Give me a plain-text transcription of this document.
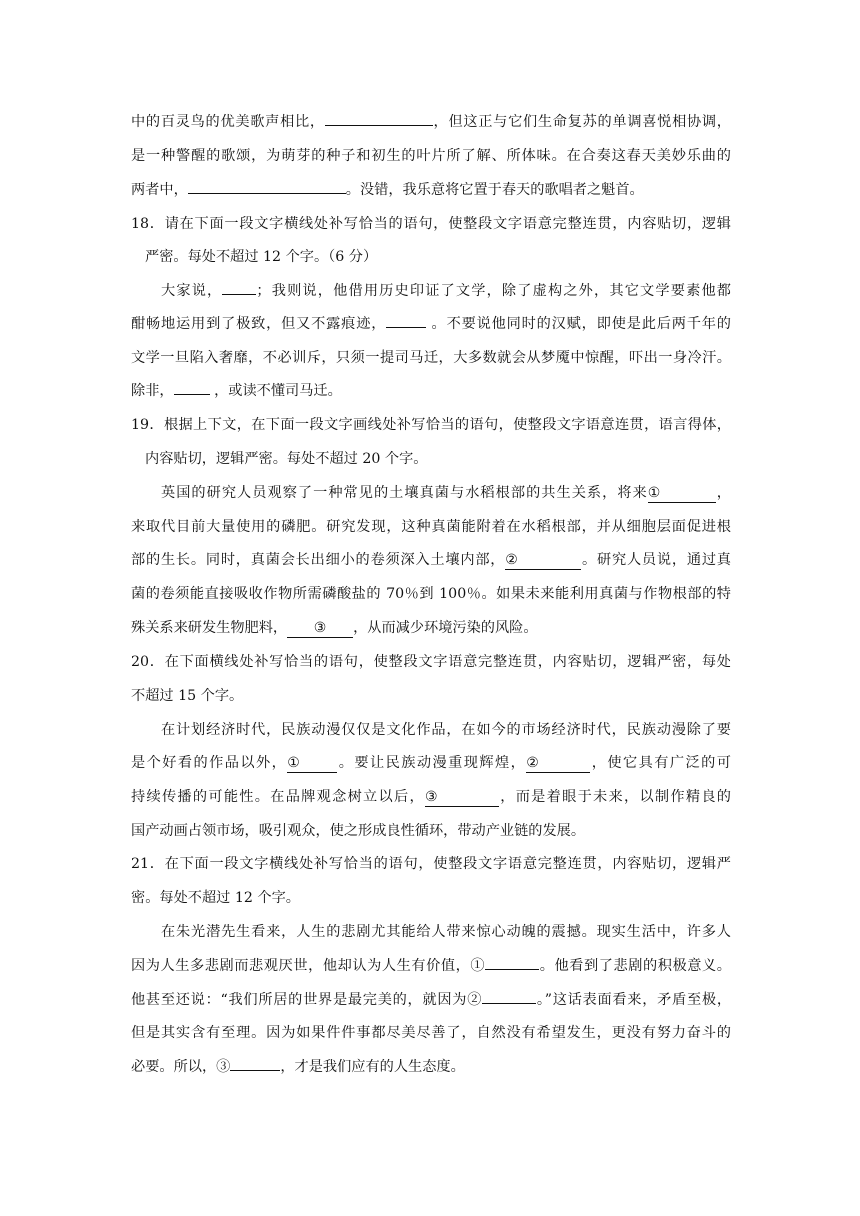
中的百灵鸟的优美歌声相比，	，但这正与它们生命复苏的单调喜悦相协调，
是一种警醒的歌颂，为萌芽的种子和初生的叶片所了解、所体味。在合奏这春天美妙乐曲的
两者中，	。没错，我乐意将它置于春天的歌唱者之魁首。
18．请在下面一段文字横线处补写恰当的语句，使整段文字语意完整连贯，内容贴切，逻辑
严密。每处不超过 12 个字。（6 分）
大家说， ；我则说，他借用历史印证了文学，除了虚构之外，其它文学要素他都
酣畅地运用到了极致，但又不露痕迹，	。不要说他同时的汉赋，即使是此后两千年的
文学一旦陷入奢靡，不必训斥，只须一提司马迁，大多数就会从梦魇中惊醒，吓出一身冷汗。
除非，	，或读不懂司马迁。
19．根据上下文，在下面一段文字画线处补写恰当的语句，使整段文字语意连贯，语言得体，
内容贴切，逻辑严密。每处不超过 20 个字。
英国的研究人员观察了一种常见的土壤真菌与水稻根部的共生关系，将来①	，
来取代目前大量使用的磷肥。研究发现，这种真菌能附着在水稻根部，并从细胞层面促进根
部的生长。同时，真菌会长出细小的卷须深入土壤内部，②	。研究人员说，通过真
菌的卷须能直接吸收作物所需磷酸盐的 70％到 100％。如果未来能利用真菌与作物根部的特
殊关系来研发生物肥料， ③ ，从而减少环境污染的风险。
20．在下面横线处补写恰当的语句，使整段文字语意完整连贯，内容贴切，逻辑严密，每处
不超过 15 个字。
在计划经济时代，民族动漫仅仅是文化作品，在如今的市场经济时代，民族动漫除了要
是个好看的作品以外，①	。要让民族动漫重现辉煌，②	，使它具有广泛的可
持续传播的可能性。在品牌观念树立以后，③	，而是着眼于未来，以制作精良的
国产动画占领市场，吸引观众，使之形成良性循环，带动产业链的发展。
21．在下面一段文字横线处补写恰当的语句，使整段文字语意完整连贯，内容贴切，逻辑严
密。每处不超过 12 个字。
在朱光潜先生看来，人生的悲剧尤其能给人带来惊心动魄的震撼。现实生活中，许多人
因为人生多悲剧而悲观厌世，他却认为人生有价值，①	。他看到了悲剧的积极意义。
他甚至还说：“我们所居的世界是最完美的，就因为②	。”这话表面看来，矛盾至极，
但是其实含有至理。因为如果件件事都尽美尽善了，自然没有希望发生，更没有努力奋斗的
必要。所以，③	，才是我们应有的人生态度。
